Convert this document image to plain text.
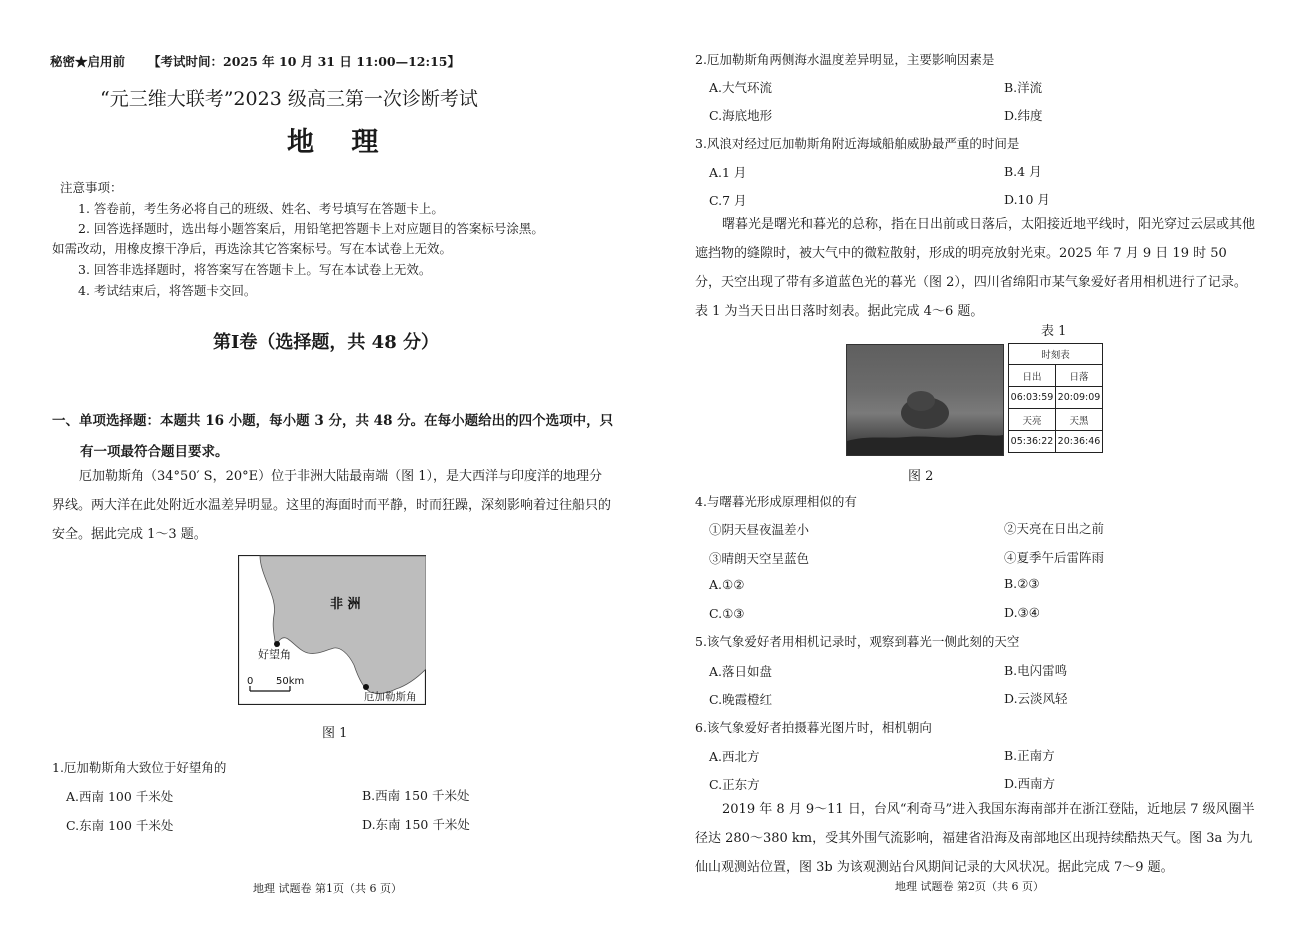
秘密★启用前 【考试时间：2025 年 10 月 31 日 11:00—12:15】
“元三维大联考”2023 级高三第一次诊断考试
地 理
注意事项：
1. 答卷前，考生务必将自己的班级、姓名、考号填写在答题卡上。
2. 回答选择题时，选出每小题答案后，用铅笔把答题卡上对应题目的答案标号涂黑。
如需改动，用橡皮擦干净后，再选涂其它答案标号。写在本试卷上无效。
3. 回答非选择题时，将答案写在答题卡上。写在本试卷上无效。
4. 考试结束后，将答题卡交回。
第Ⅰ卷（选择题，共 48 分）
一、单项选择题：本题共 16 小题，每小题 3 分，共 48 分。在每小题给出的四个选项中，只
有一项最符合题目要求。
厄加勒斯角（34°50′ S，20°E）位于非洲大陆最南端（图 1），是大西洋与印度洋的地理分界线。两大洋在此处附近水温差异明显。这里的海面时而平静，时而狂躁，深刻影响着过往船只的安全。据此完成 1～3 题。
非 洲
好望角
厄加勒斯角
0 50km
图 1
1.厄加勒斯角大致位于好望角的
A.西南 100 千米处	B.西南 150 千米处
C.东南 100 千米处	D.东南 150 千米处
地理 试题卷 第1页（共 6 页）
2.厄加勒斯角两侧海水温度差异明显，主要影响因素是
A.大气环流	B.洋流
C.海底地形	D.纬度
3.风浪对经过厄加勒斯角附近海域船舶威胁最严重的时间是
A.1 月	B.4 月
C.7 月	D.10 月
曙暮光是曙光和暮光的总称，指在日出前或日落后，太阳接近地平线时，阳光穿过云层或其他遮挡物的缝隙时，被大气中的微粒散射，形成的明亮放射光束。2025 年 7 月 9 日 19 时 50 分，天空出现了带有多道蓝色光的暮光（图 2），四川省绵阳市某气象爱好者用相机进行了记录。表 1 为当天日出日落时刻表。据此完成 4～6 题。
表 1
时刻表	
日出	日落
06:03:59	20:09:09
天亮	天黑
05:36:22	20:36:46
图 2
4.与曙暮光形成原理相似的有
①阴天昼夜温差小	②天亮在日出之前
③晴朗天空呈蓝色	④夏季午后雷阵雨
A.①②	B.②③
C.①③	D.③④
5.该气象爱好者用相机记录时，观察到暮光一侧此刻的天空
A.落日如盘	B.电闪雷鸣
C.晚霞橙红	D.云淡风轻
6.该气象爱好者拍摄暮光图片时，相机朝向
A.西北方	B.正南方
C.正东方	D.西南方
2019 年 8 月 9～11 日，台风“利奇马”进入我国东海南部并在浙江登陆，近地层 7 级风圈半径达 280～380 km，受其外围气流影响，福建省沿海及南部地区出现持续酷热天气。图 3a 为九仙山观测站位置，图 3b 为该观测站台风期间记录的大风状况。据此完成 7～9 题。
地理 试题卷 第2页（共 6 页）
